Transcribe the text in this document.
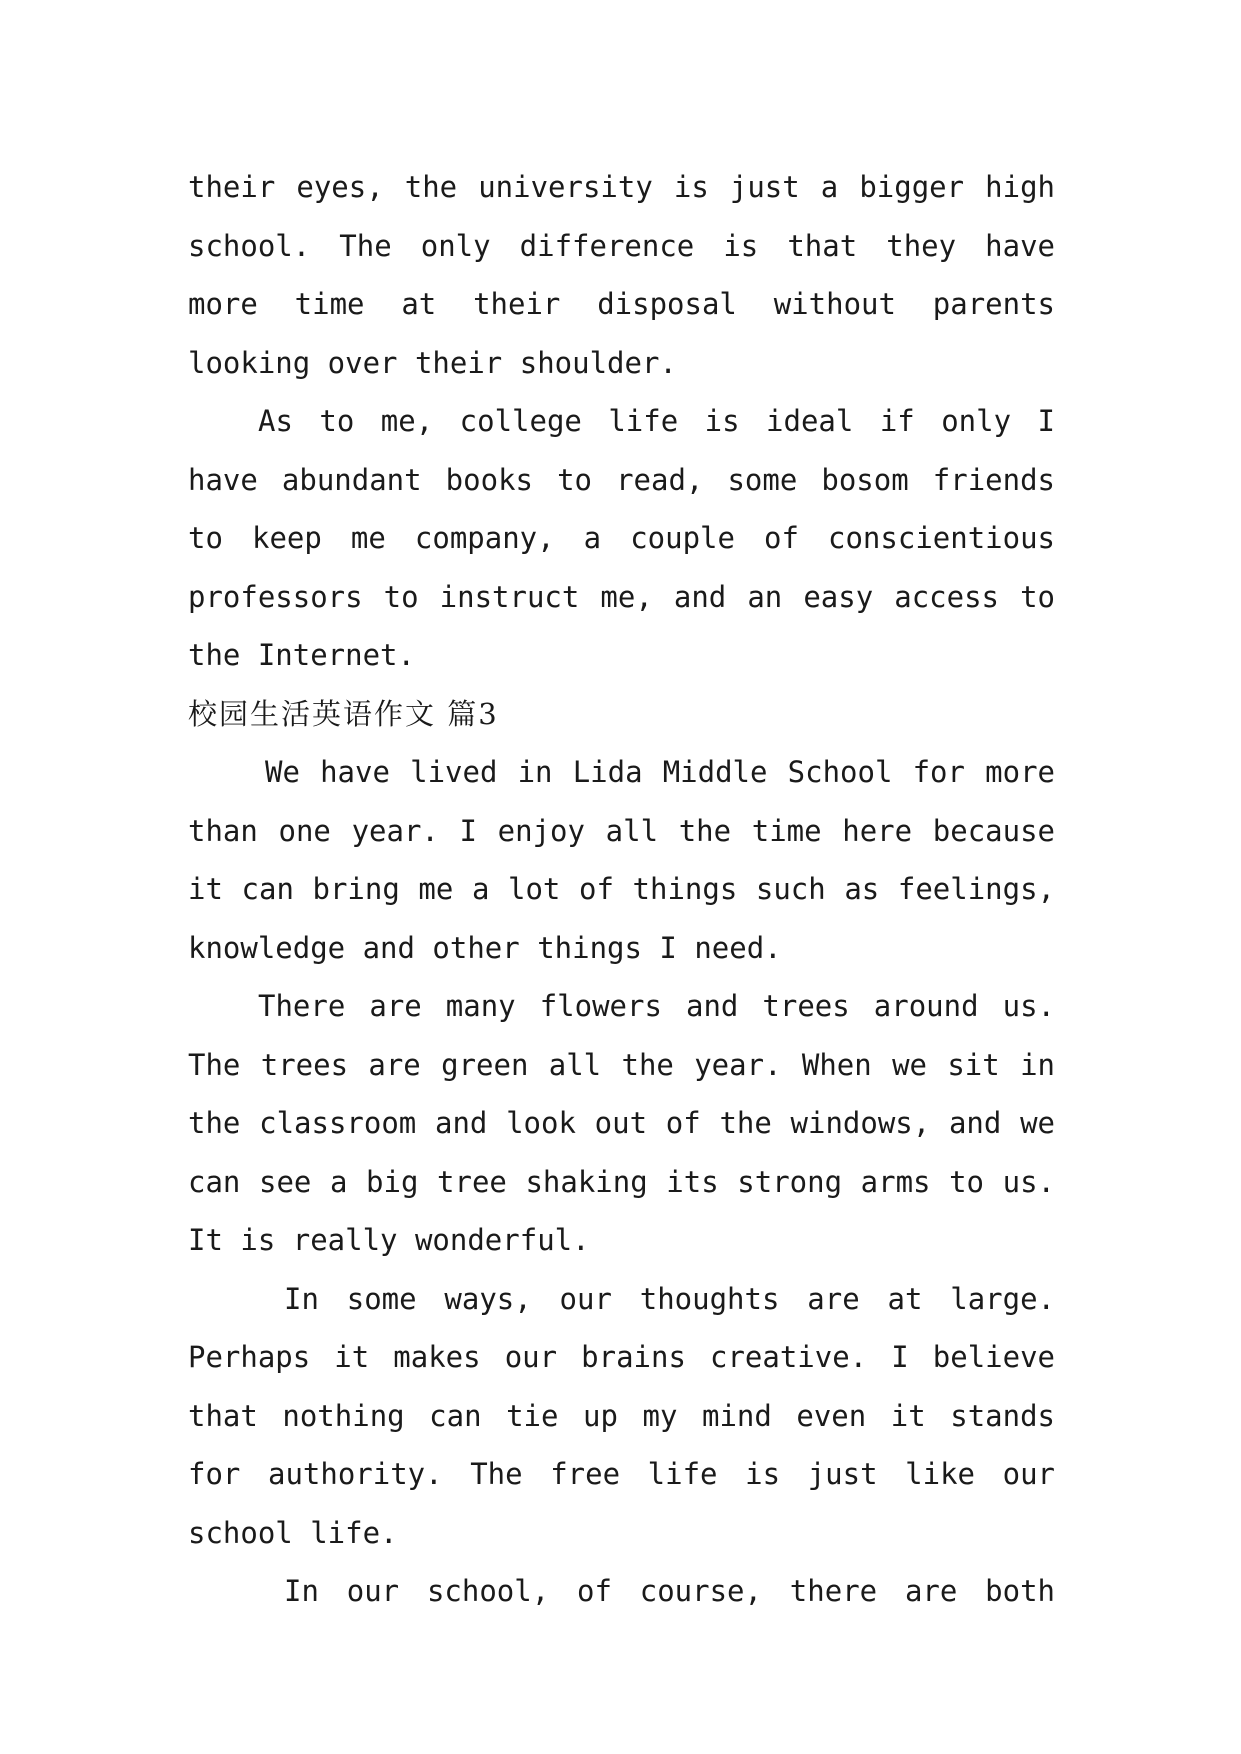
their eyes, the university is just a bigger high school. The only difference is that they have more time at their disposal without parents looking over their shoulder.

As to me, college life is ideal if only I have abundant books to read, some bosom friends to keep me company, a couple of conscientious professors to instruct me, and an easy access to the Internet.

校园生活英语作文 篇3

We have lived in Lida Middle School for more than one year. I enjoy all the time here because it can bring me a lot of things such as feelings, knowledge and other things I need.

There are many flowers and trees around us. The trees are green all the year. When we sit in the classroom and look out of the windows, and we can see a big tree shaking its strong arms to us. It is really wonderful.

In some ways, our thoughts are at large. Perhaps it makes our brains creative. I believe that nothing can tie up my mind even it stands for authority. The free life is just like our school life.

In our school, of course, there are both
